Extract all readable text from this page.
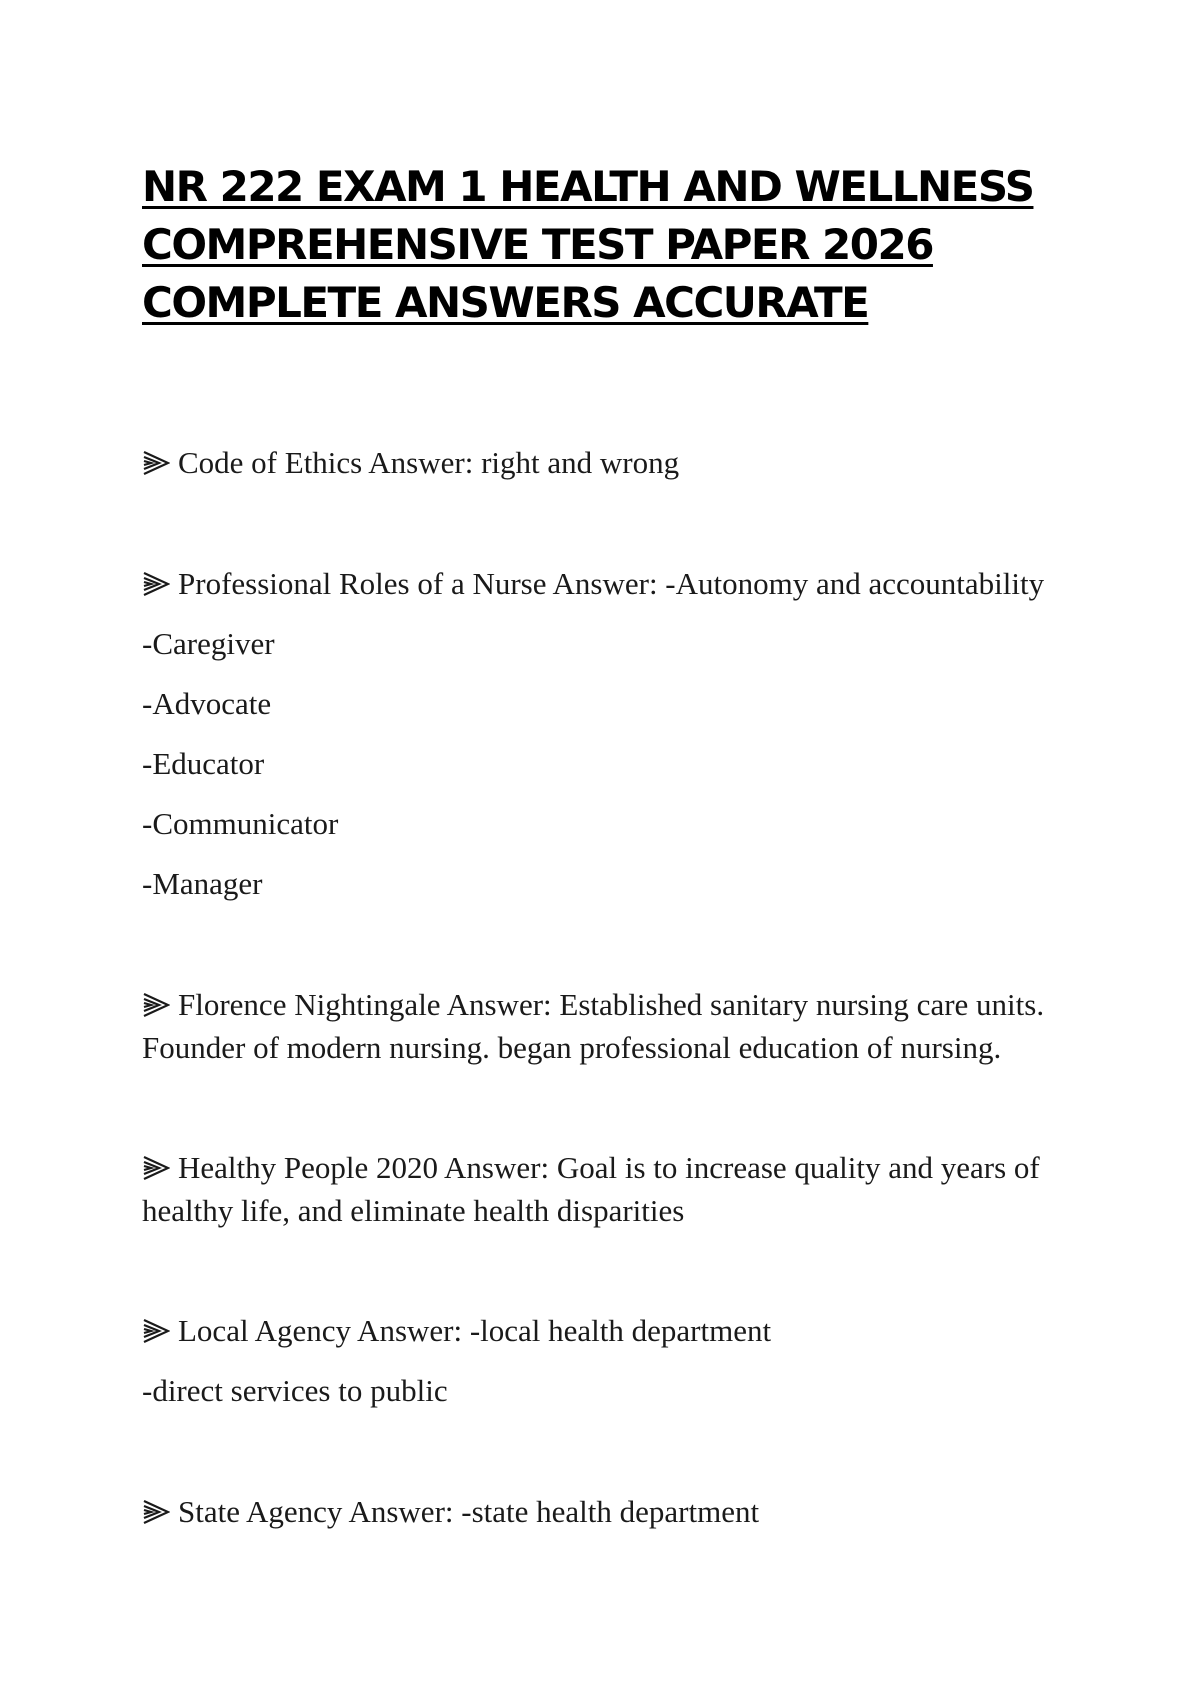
NR 222 EXAM 1 HEALTH AND WELLNESS
COMPREHENSIVE TEST PAPER 2026
COMPLETE ANSWERS ACCURATE
Code of Ethics Answer: right and wrong
Professional Roles of a Nurse Answer: -Autonomy and accountability
-Caregiver
-Advocate
-Educator
-Communicator
-Manager
Florence Nightingale Answer: Established sanitary nursing care units.
Founder of modern nursing. began professional education of nursing.
Healthy People 2020 Answer: Goal is to increase quality and years of
healthy life, and eliminate health disparities
Local Agency Answer: -local health department
-direct services to public
State Agency Answer: -state health department
